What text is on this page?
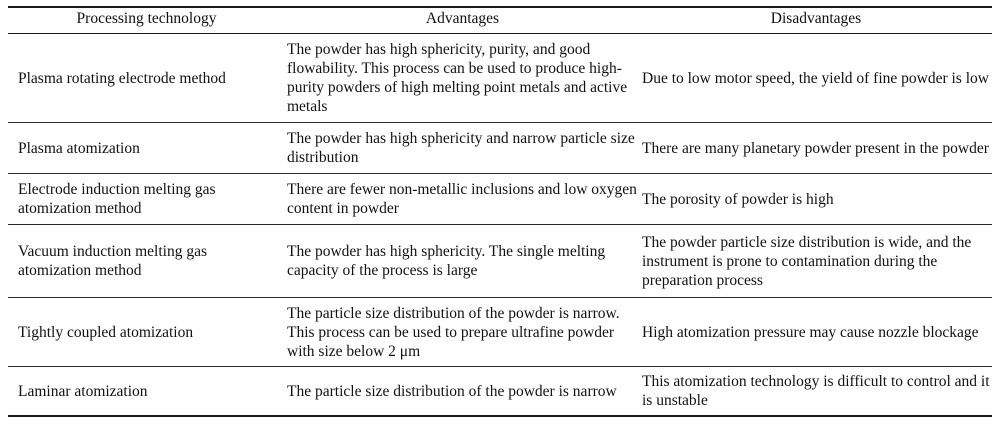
Processing technology	Advantages	Disadvantages
Plasma rotating electrode method	The powder has high sphericity, purity, and good flowability. This process can be used to produce high-purity powders of high melting point metals and active metals	Due to low motor speed, the yield of fine powder is low
Plasma atomization	The powder has high sphericity and narrow particle size distribution	There are many planetary powder present in the powder
Electrode induction melting gas atomization method	There are fewer non-metallic inclusions and low oxygen content in powder	The porosity of powder is high
Vacuum induction melting gas atomization method	The powder has high sphericity. The single melting capacity of the process is large	The powder particle size distribution is wide, and the instrument is prone to contamination during the preparation process
Tightly coupled atomization	The particle size distribution of the powder is narrow. This process can be used to prepare ultrafine powder with size below 2 μm	High atomization pressure may cause nozzle blockage
Laminar atomization	The particle size distribution of the powder is narrow	This atomization technology is difficult to control and it is unstable
